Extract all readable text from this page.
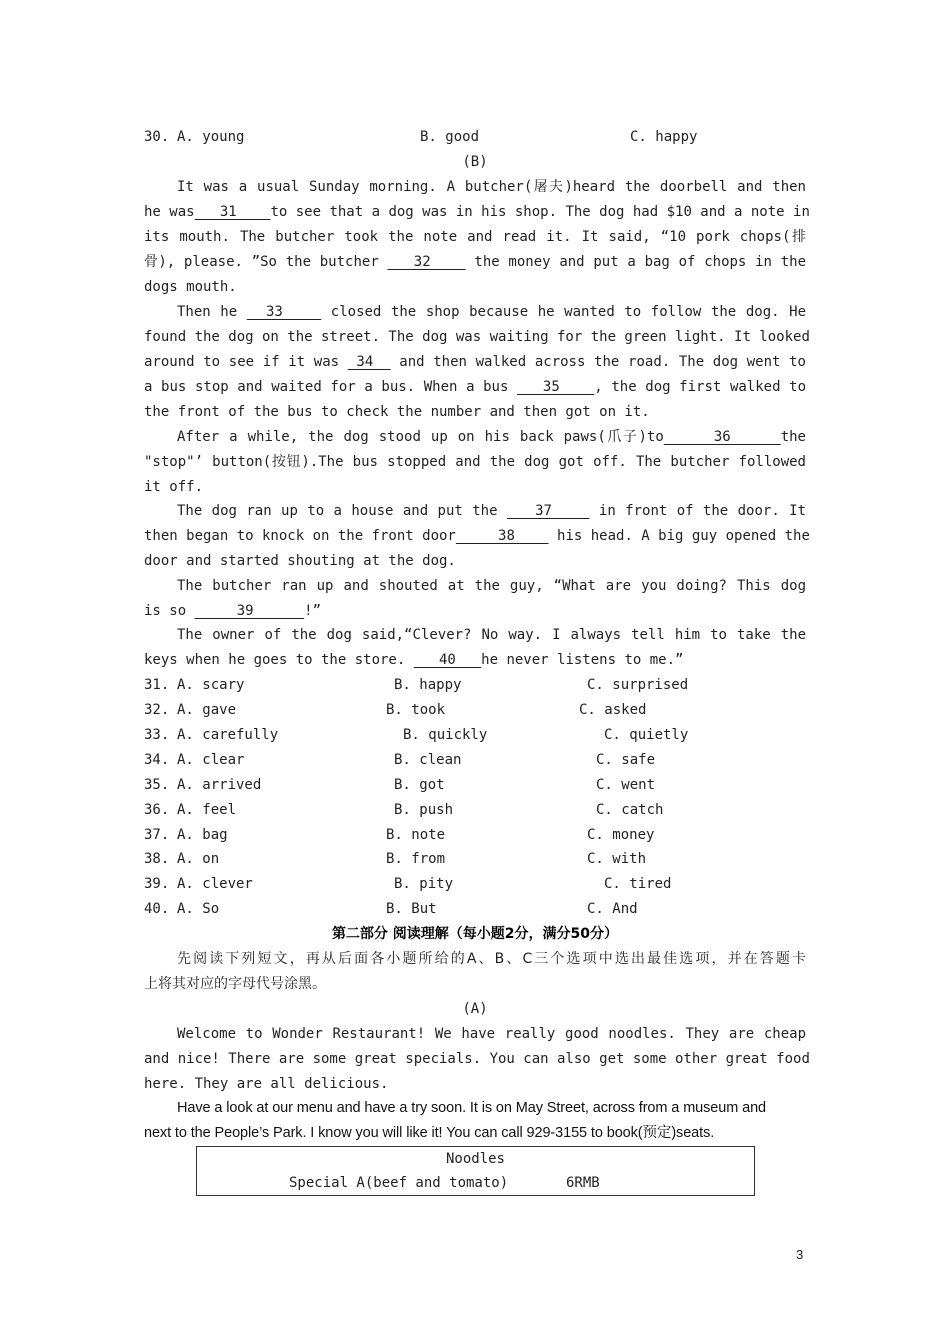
30. A. young	B. good	C. happy
(B)
It was a usual Sunday morning. A butcher(屠夫)heard the doorbell and then
he was   31    to see that a dog was in his shop. The dog had $10 and a note in
its mouth. The butcher took the note and read it. It said, “10 pork chops(排
骨), please. ”So the butcher    32     the money and put a bag of chops in the
dogs mouth.
Then he   33     closed the shop because he wanted to follow the dog. He
found the dog on the street. The dog was waiting for the green light. It looked
around to see if it was  34   and then walked across the road. The dog went to
a bus stop and waited for a bus. When a bus    35    , the dog first walked to
the front of the bus to check the number and then got on it.
After a while, the dog stood up on his back paws(爪子)to     36     the
"stop"’ button(按钮).The bus stopped and the dog got off. The butcher followed
it off.
The dog ran up to a house and put the    37     in front of the door. It
then began to knock on the front door     38     his head. A big guy opened the
door and started shouting at the dog.
The butcher ran up and shouted at the guy, “What are you doing? This dog
is so      39      !”
The owner of the dog said,“Clever? No way. I always tell him to take the
keys when he goes to the store.    40   he never listens to me.”
31. A. scary	B. happy	C. surprised
32. A. gave	B. took	C. asked
33. A. carefully	B. quickly	C. quietly
34. A. clear	B. clean	C. safe
35. A. arrived	B. got	C. went
36. A. feel	B. push	C. catch
37. A. bag	B. note	C. money
38. A. on	B. from	C. with
39. A. clever	B. pity	C. tired
40. A. So	B. But	C. And
第二部分 阅读理解（每小题2分，满分50分）
先阅读下列短文，再从后面各小题所给的A、B、C三个选项中选出最佳选项，并在答题卡
上将其对应的字母代号涂黑。
(A)
Welcome to Wonder Restaurant! We have really good noodles. They are cheap
and nice! There are some great specials. You can also get some other great food
here. They are all delicious.
Have a look at our menu and have a try soon. It is on May Street, across from a museum and
next to the People’s Park. I know you will like it! You can call 929-3155 to book(预定)seats.
Noodles
Special A(beef and tomato)	6RMB
3
